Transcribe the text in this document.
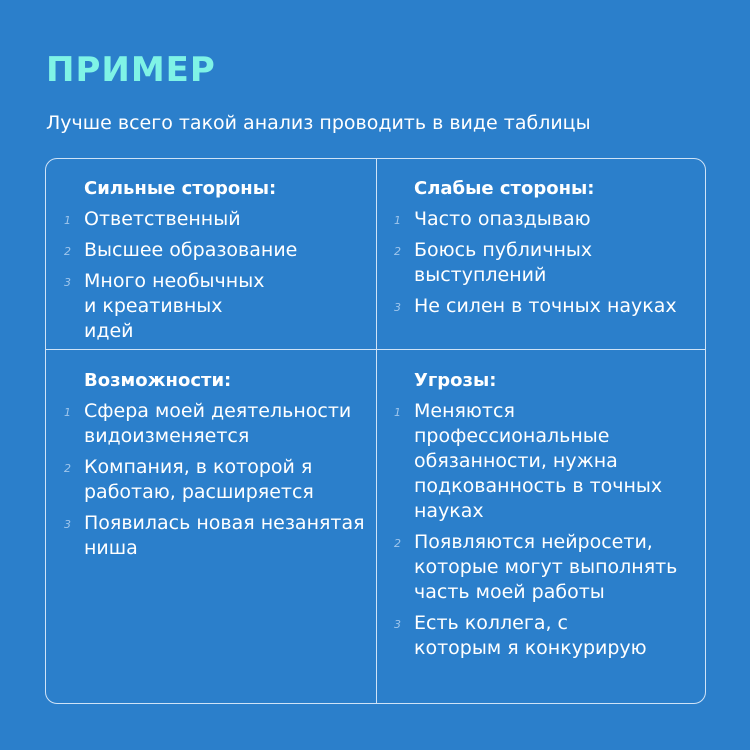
ПРИМЕР
Лучше всего такой анализ проводить в виде таблицы
Сильные стороны:
1 Ответственный
2 Высшее образование
3 Много необычных и креативных идей
Слабые стороны:
1 Часто опаздываю
2 Боюсь публичных выступлений
3 Не силен в точных науках
Возможности:
1 Сфера моей деятельности видоизменяется
2 Компания, в которой я работаю, расширяется
3 Появилась новая незанятая ниша
Угрозы:
1 Меняются профессиональные обязанности, нужна подкованность в точных науках
2 Появляются нейросети, которые могут выполнять часть моей работы
3 Есть коллега, с которым я конкурирую
